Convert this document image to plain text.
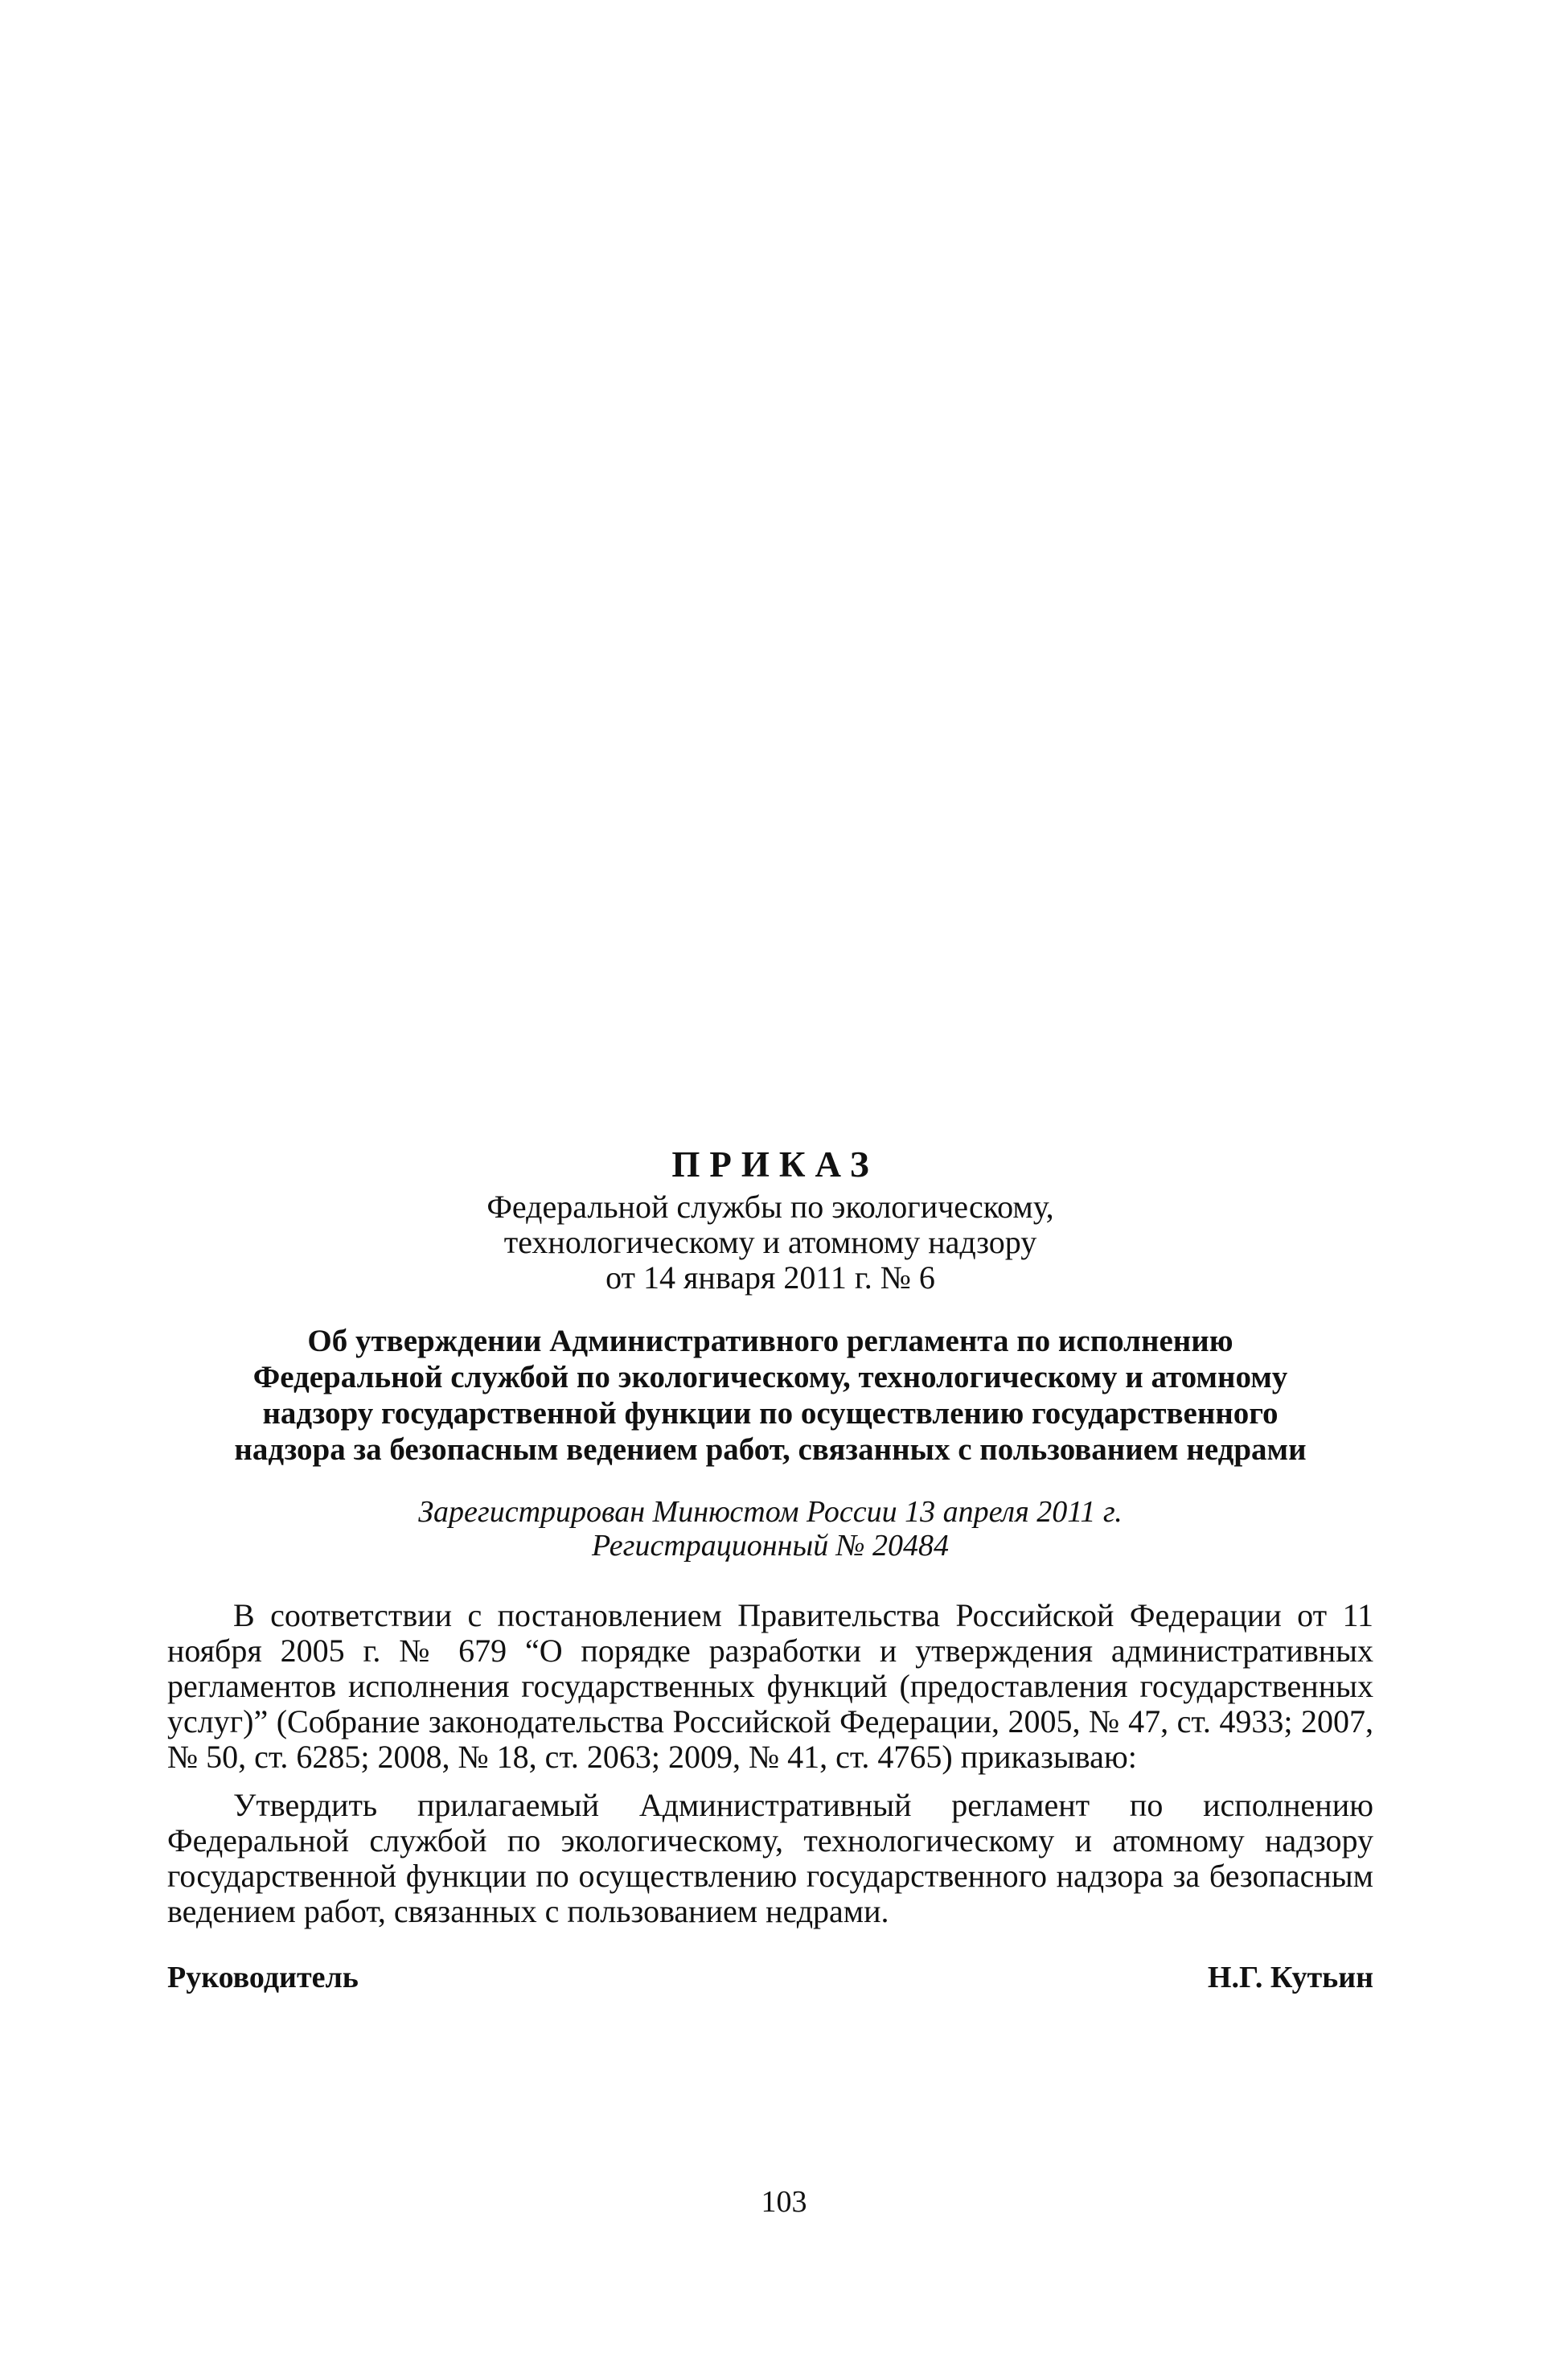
ПРИКАЗ

Федеральной службы по экологическому,

технологическому и атомному надзору

от 14 января 2011 г. № 6

Об утверждении Административного регламента по исполнению
Федеральной службой по экологическому, технологическому и атомному
надзору государственной функции по осуществлению государственного
надзора за безопасным ведением работ, связанных с пользованием недрами
Зарегистрирован Минюстом России 13 апреля 2011 г.
Регистрационный № 20484

В соответствии с постановлением Правительства Российской Федерации от 11 ноября 2005 г. № 679 “О порядке разработки и утверждения административных регламентов исполнения государственных функций (предоставления государственных услуг)” (Собрание законодательства Российской Федерации, 2005, № 47, ст. 4933; 2007, № 50, ст. 6285; 2008, № 18, ст. 2063; 2009, № 41, ст. 4765) приказываю:

Утвердить прилагаемый Административный регламент по исполнению Федеральной службой по экологическому, технологическому и атомному надзору государственной функции по осуществлению государственного надзора за безопасным ведением работ, связанных с пользованием недрами.

Руководитель	Н.Г. Кутьин
103
